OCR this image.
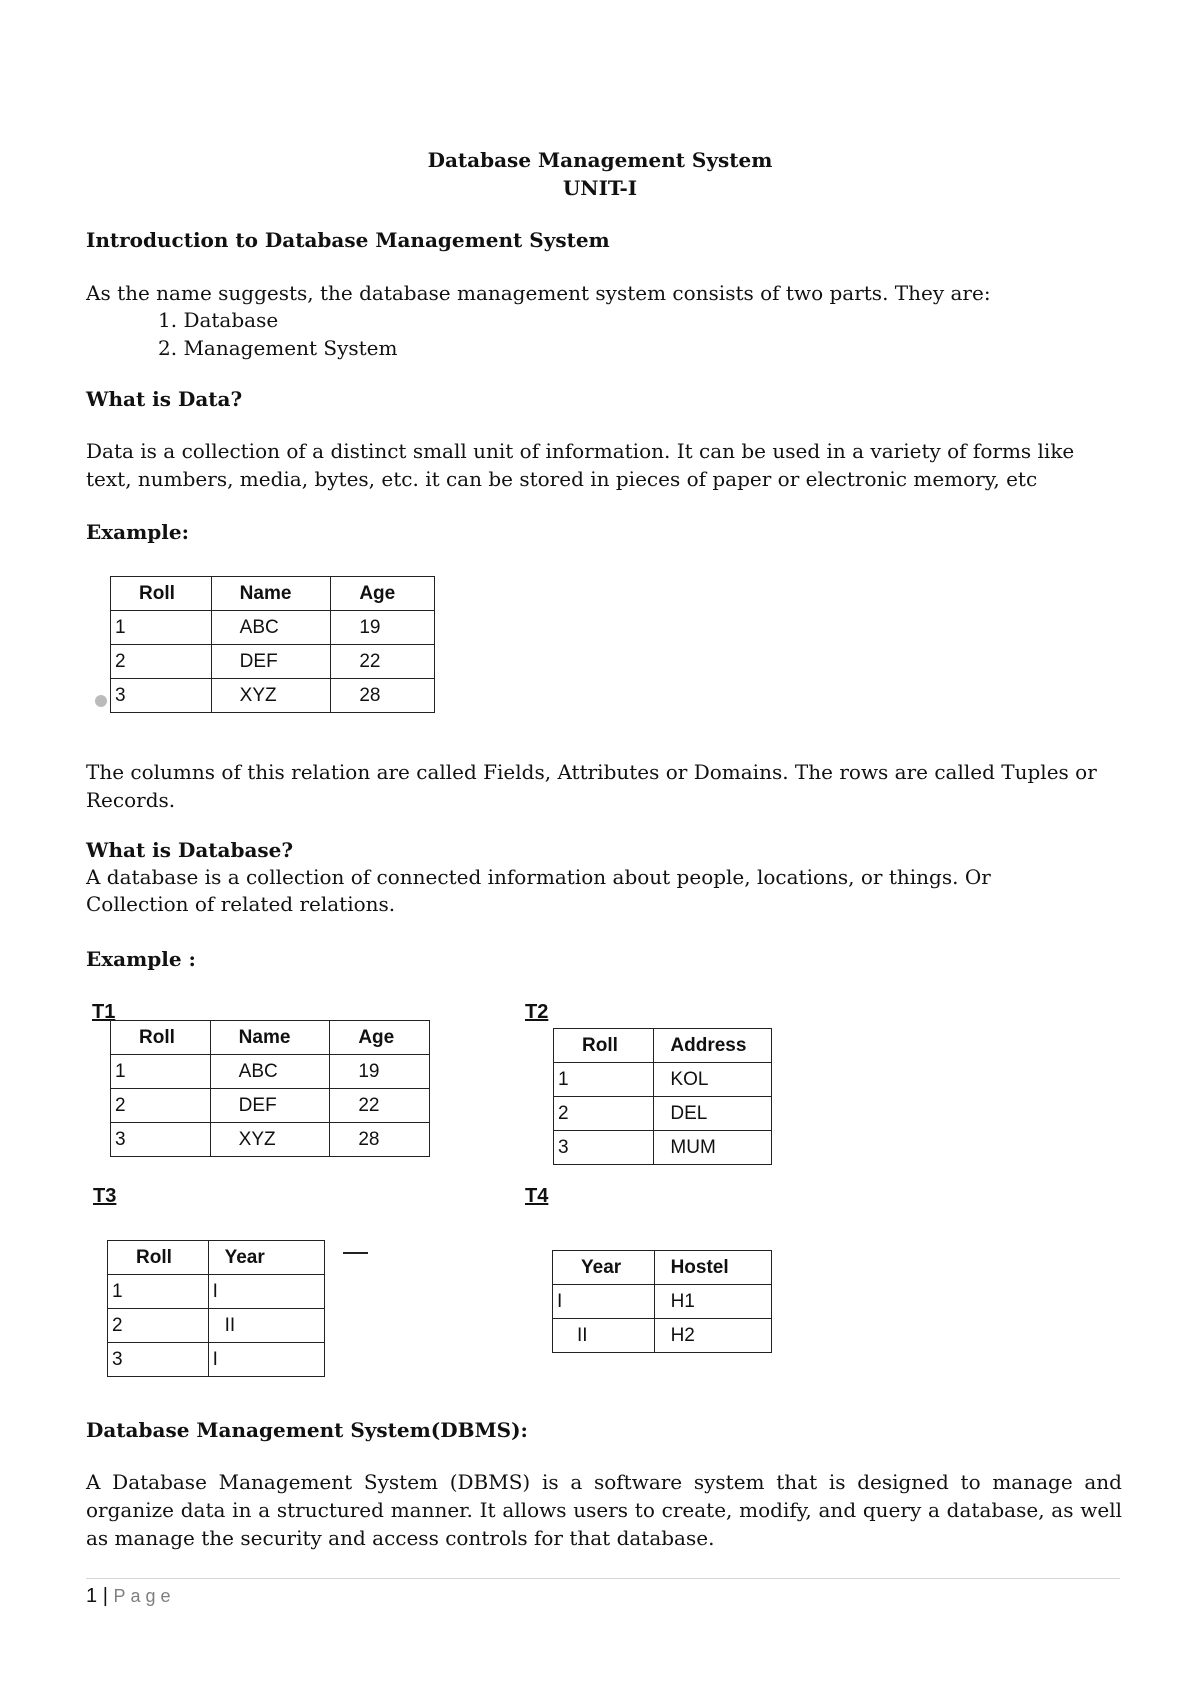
Database Management System

UNIT-I

Introduction to Database Management System

As the name suggests, the database management system consists of two parts. They are:

1. Database

2. Management System

What is Data?

Data is a collection of a distinct small unit of information. It can be used in a variety of forms like text, numbers, media, bytes, etc. it can be stored in pieces of paper or electronic memory, etc

Example:

Roll	Name	Age
1	ABC	19
2	DEF	22
3	XYZ	28

The columns of this relation are called Fields, Attributes or Domains. The rows are called Tuples or Records.

What is Database?

A database is a collection of connected information about people, locations, or things. Or

Collection of related relations.

Example :

T1
Roll	Name	Age
1	ABC	19
2	DEF	22
3	XYZ	28
T2
Roll	Address
1	KOL
2	DEL
3	MUM
T3
Roll	Year
1	I
2	II
3	I
T4
Year	Hostel
I	H1
II	H2

Database Management System(DBMS):

A Database Management System (DBMS) is a software system that is designed to manage and organize data in a structured manner. It allows users to create, modify, and query a database, as well as manage the security and access controls for that database.

1 | Page
